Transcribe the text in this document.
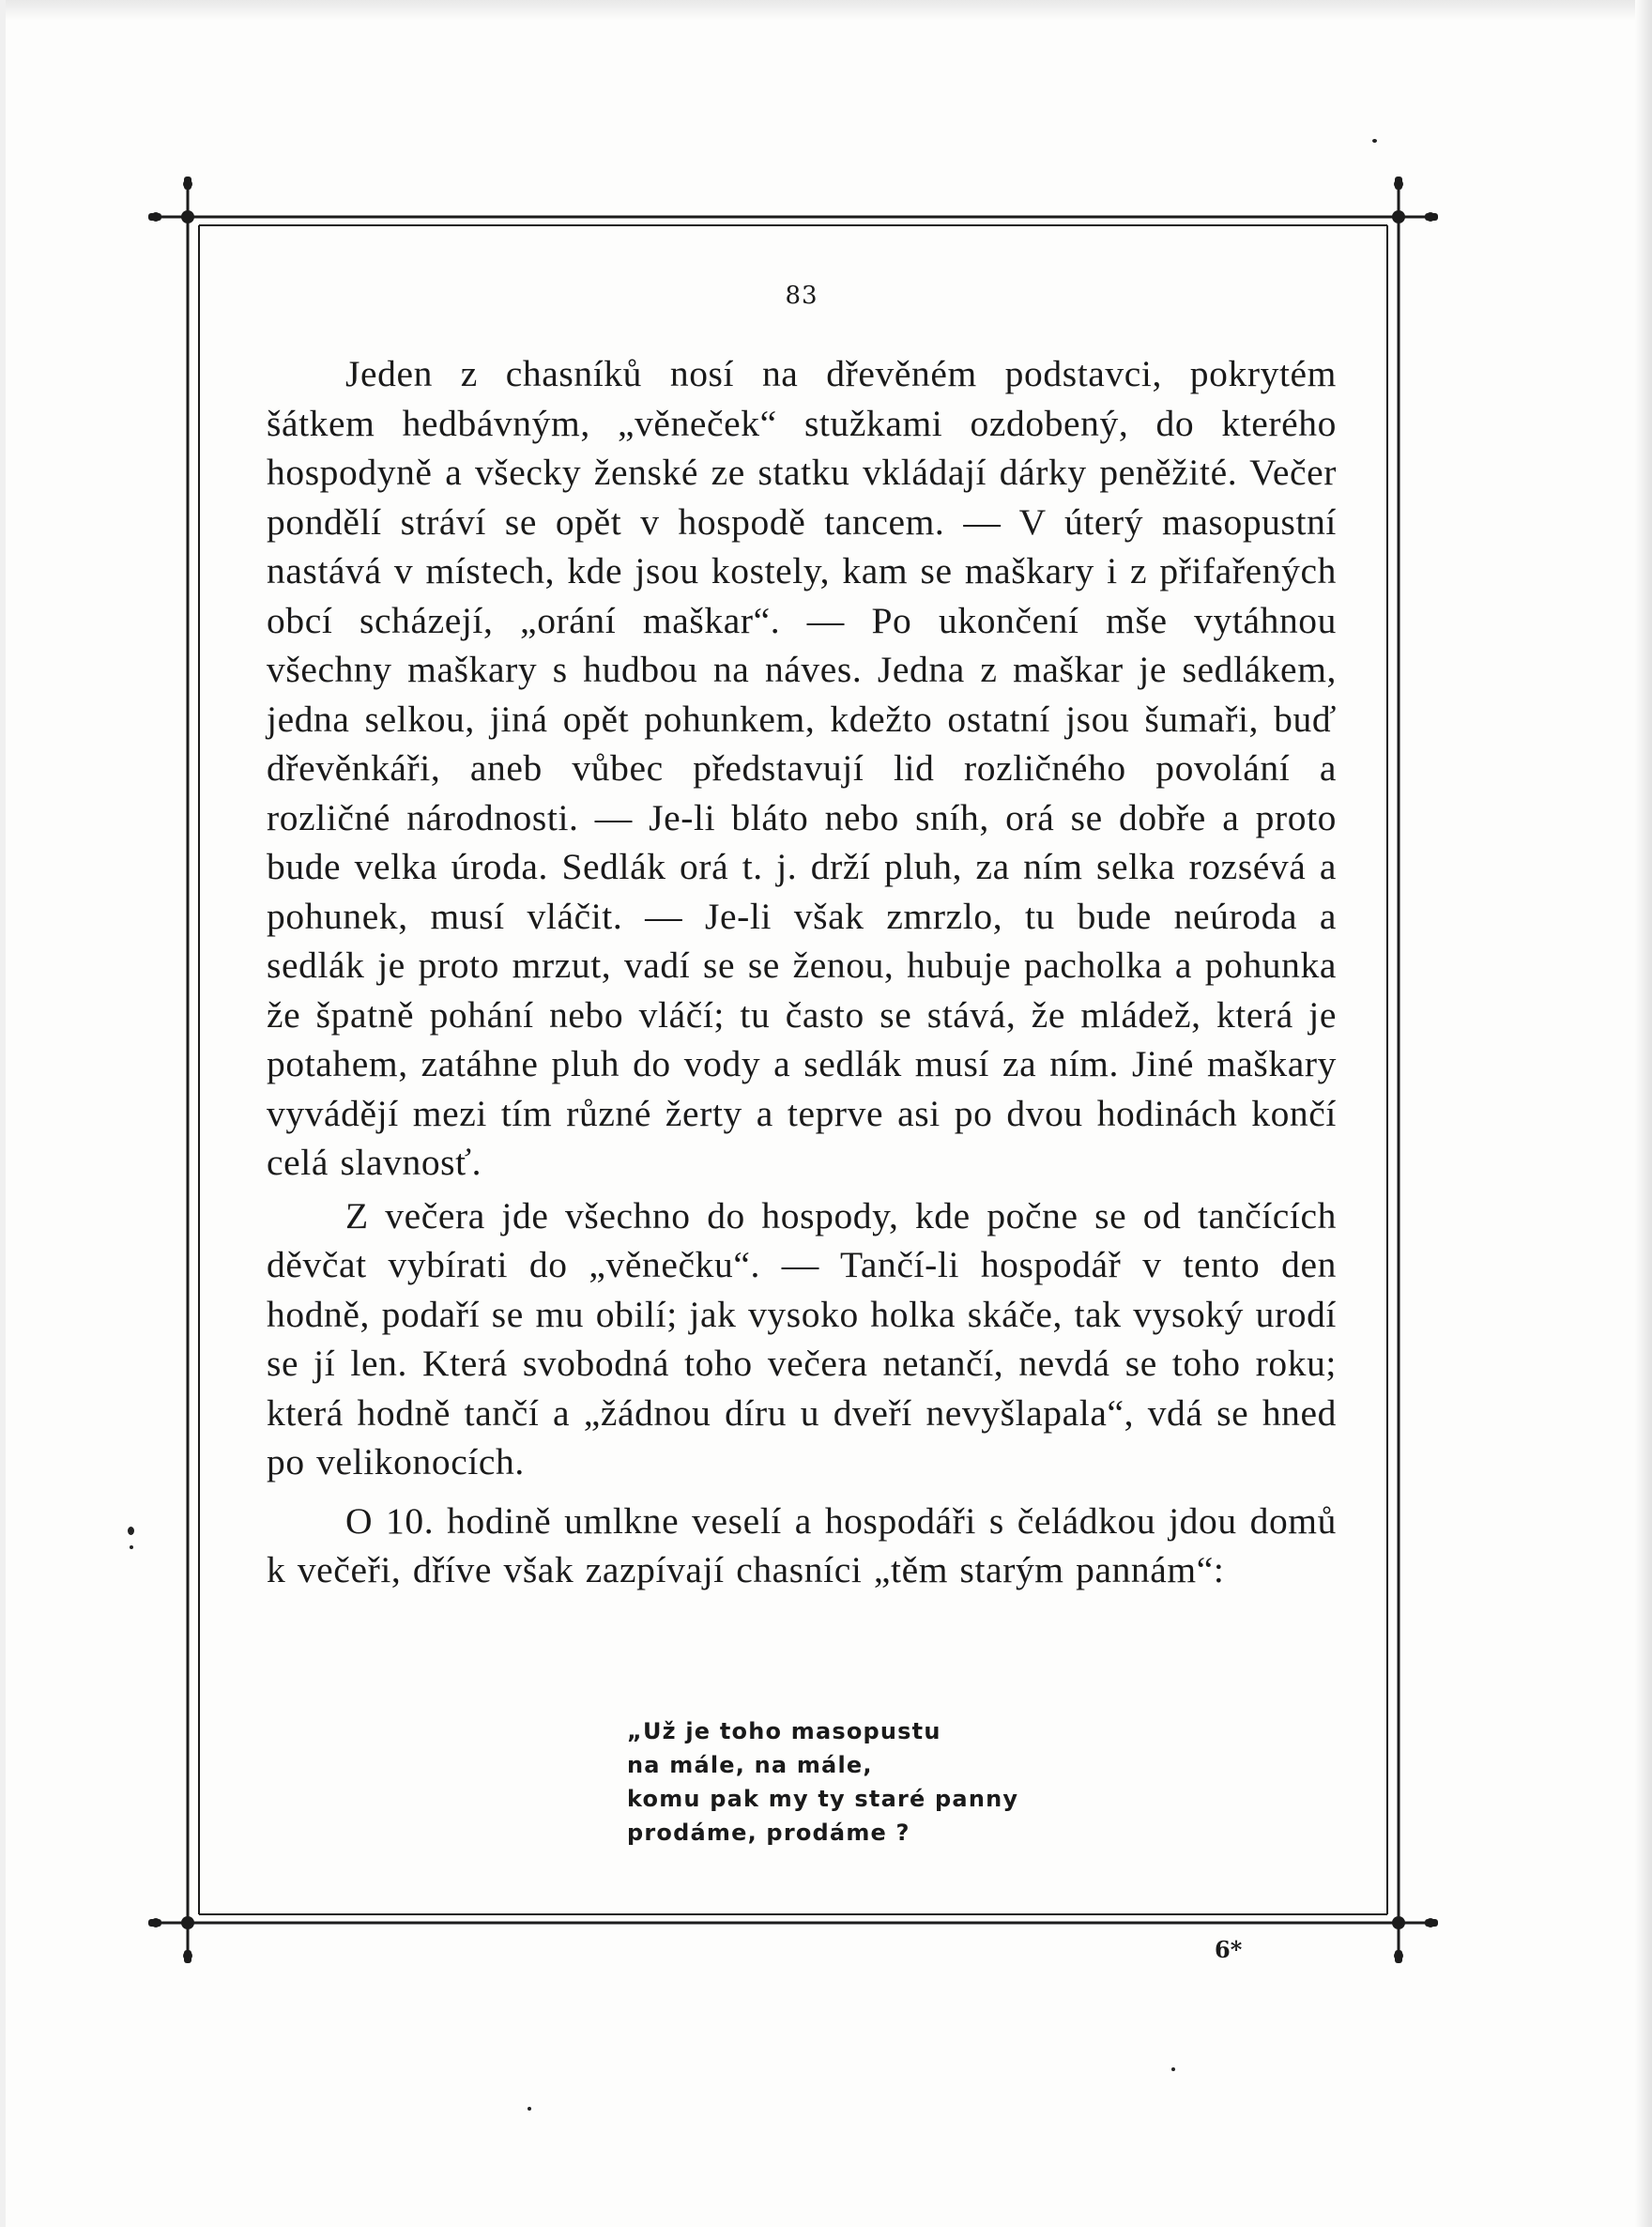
83

Jeden z chasníků nosí na dřevěném podstavci, pokrytém šátkem hedbávným, „věneček“ stužkami ozdobený, do kterého hospodyně a všecky ženské ze statku vkládají dárky peněžité. Večer pondělí stráví se opět v hospodě tancem. — V úterý masopustní nastává v místech, kde jsou kostely, kam se maškary i z přifařených obcí scházejí, „orání maškar“. — Po ukončení mše vytáhnou všechny maškary s hudbou na náves. Jedna z maškar je sedlákem, jedna selkou, jiná opět pohunkem, kdežto ostatní jsou šumaři, buď dřevěnkáři, aneb vůbec představují lid rozličného povolání a rozličné národnosti. — Je-li bláto nebo sníh, orá se dobře a proto bude velka úroda. Sedlák orá t. j. drží pluh, za ním selka rozsévá a pohunek, musí vláčit. — Je-li však zmrzlo, tu bude neúroda a sedlák je proto mrzut, vadí se se ženou, hubuje pacholka a pohunka že špatně pohání nebo vláčí; tu často se stává, že mládež, která je potahem, zatáhne pluh do vody a sedlák musí za ním. Jiné maškary vyvádějí mezi tím různé žerty a teprve asi po dvou hodinách končí celá slavnosť.

Z večera jde všechno do hospody, kde počne se od tančících děvčat vybírati do „věnečku“. — Tančí-li hospodář v tento den hodně, podaří se mu obilí; jak vysoko holka skáče, tak vysoký urodí se jí len. Která svobodná toho večera netančí, nevdá se toho roku; která hodně tančí a „žádnou díru u dveří nevyšlapala“, vdá se hned po velikonocích.

O 10. hodině umlkne veselí a hospodáři s čeládkou jdou domů k večeři, dříve však zazpívají chasníci „těm starým pannám“:

„Už je toho masopustu
na mále, na mále,
komu pak my ty staré panny
prodáme, prodáme ?
6*
